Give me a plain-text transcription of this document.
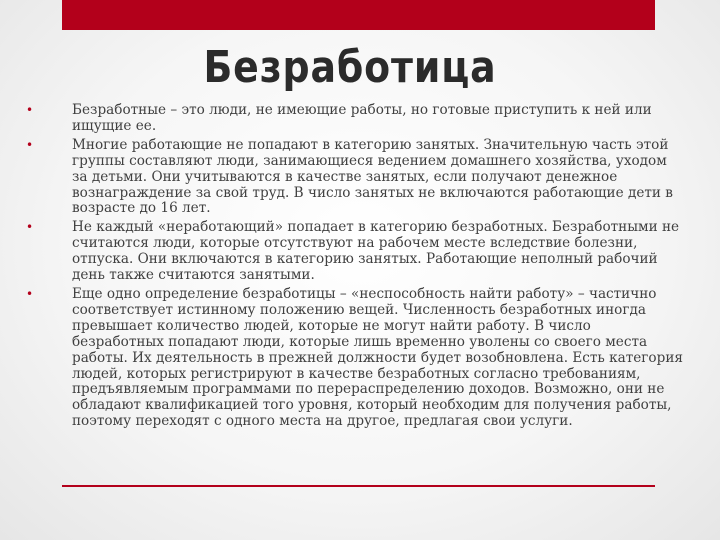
Безработица
•	Безработные – это люди, не имеющие работы, но готовые приступить к ней или ищущие ее.
•	Многие работающие не попадают в категорию занятых. Значительную часть этой группы составляют люди, занимающиеся ведением домашнего хозяйства, уходом за детьми. Они учитываются в качестве занятых, если получают денежное вознаграждение за свой труд. В число занятых не включаются работающие дети в возрасте до 16 лет.
•	Не каждый «неработающий» попадает в категорию безработных. Безработными не считаются люди, которые отсутствуют на рабочем месте вследствие болезни, отпуска. Они включаются в категорию занятых. Работающие неполный рабочий день также считаются занятыми.
•	Еще одно определение безработицы – «неспособность найти работу» – частично соответствует истинному положению вещей. Численность безработных иногда превышает количество людей, которые не могут найти работу. В число безработных попадают люди, которые лишь временно уволены со своего места работы. Их деятельность в прежней должности будет возобновлена. Есть категория людей, которых регистрируют в качестве безработных согласно требованиям, предъявляемым программами по перераспределению доходов. Возможно, они не обладают квалификацией того уровня, который необходим для получения работы, поэтому переходят с одного места на другое, предлагая свои услуги.
